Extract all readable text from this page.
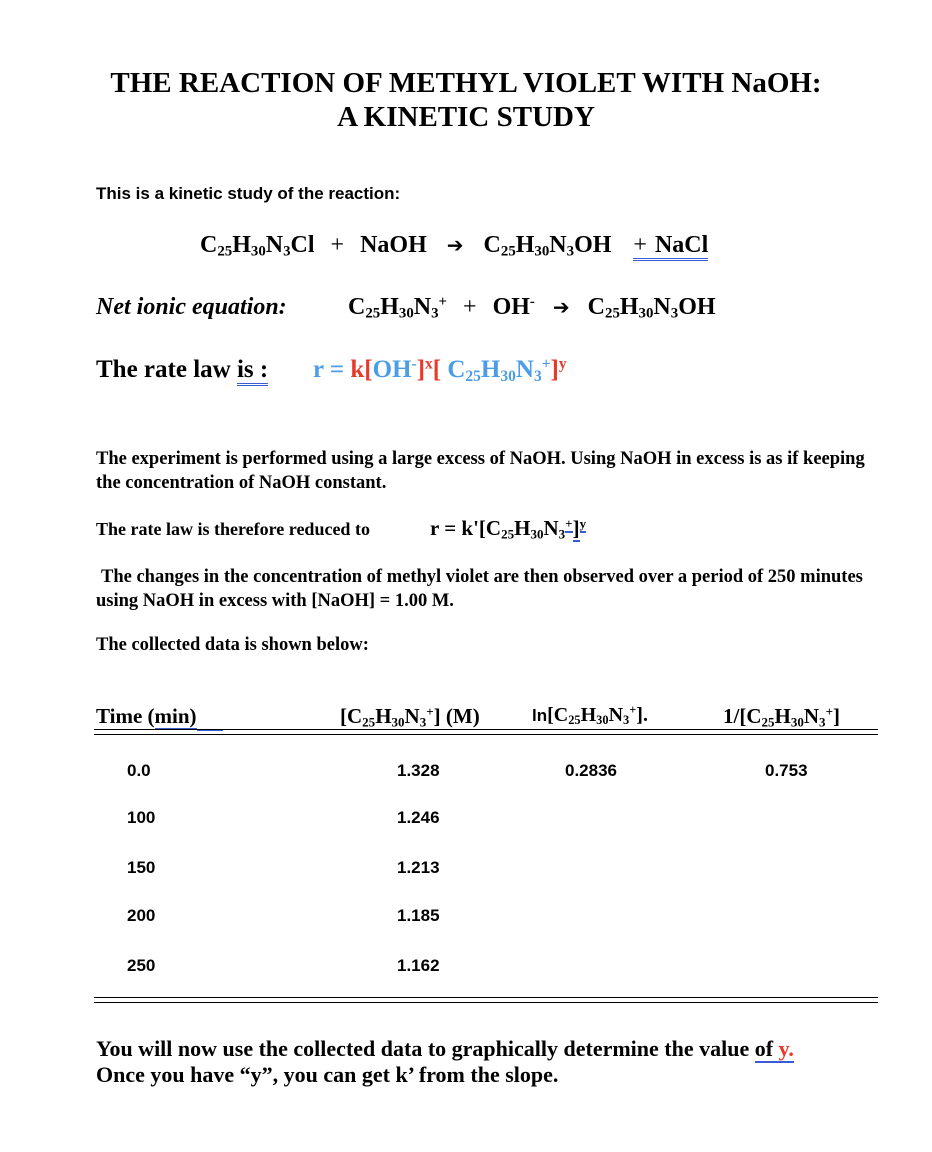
THE REACTION OF METHYL VIOLET WITH NaOH:
A KINETIC STUDY
This is a kinetic study of the reaction:
$C_{25}H_{30}N_3Cl$ + NaOH ➔ $C_{25}H_{30}N_3OH$ + NaCl
Net ionic equation:	$C_{25}H_{30}N_3^+ + OH^-$ ➔ $C_{25}H_{30}N_3OH$
The rate law is : $r = k[OH^-]^x$[ $C_{25}H_{30}N_3^+]^y$
The experiment is performed using a large excess of NaOH. Using NaOH in excess is as if keeping the concentration of NaOH constant.
The rate law is therefore reduced to	$r = k'[C_{25}H_{30}N_3^+]^y$
The changes in the concentration of methyl violet are then observed over a period of 250 minutes using NaOH in excess with [NaOH] = 1.00 M.
The collected data is shown below:
Time (min)	$[C_{25}H_{30}N_3^+]$ (M)	$\ln[C_{25}H_{30}N_3^+]$.	$1/[C_{25}H_{30}N_3^+]$
0.0	1.328	0.2836	0.753
100	1.246
150	1.213
200	1.185
250	1.162
You will now use the collected data to graphically determine the value of y.
Once you have “y”, you can get k’ from the slope.
